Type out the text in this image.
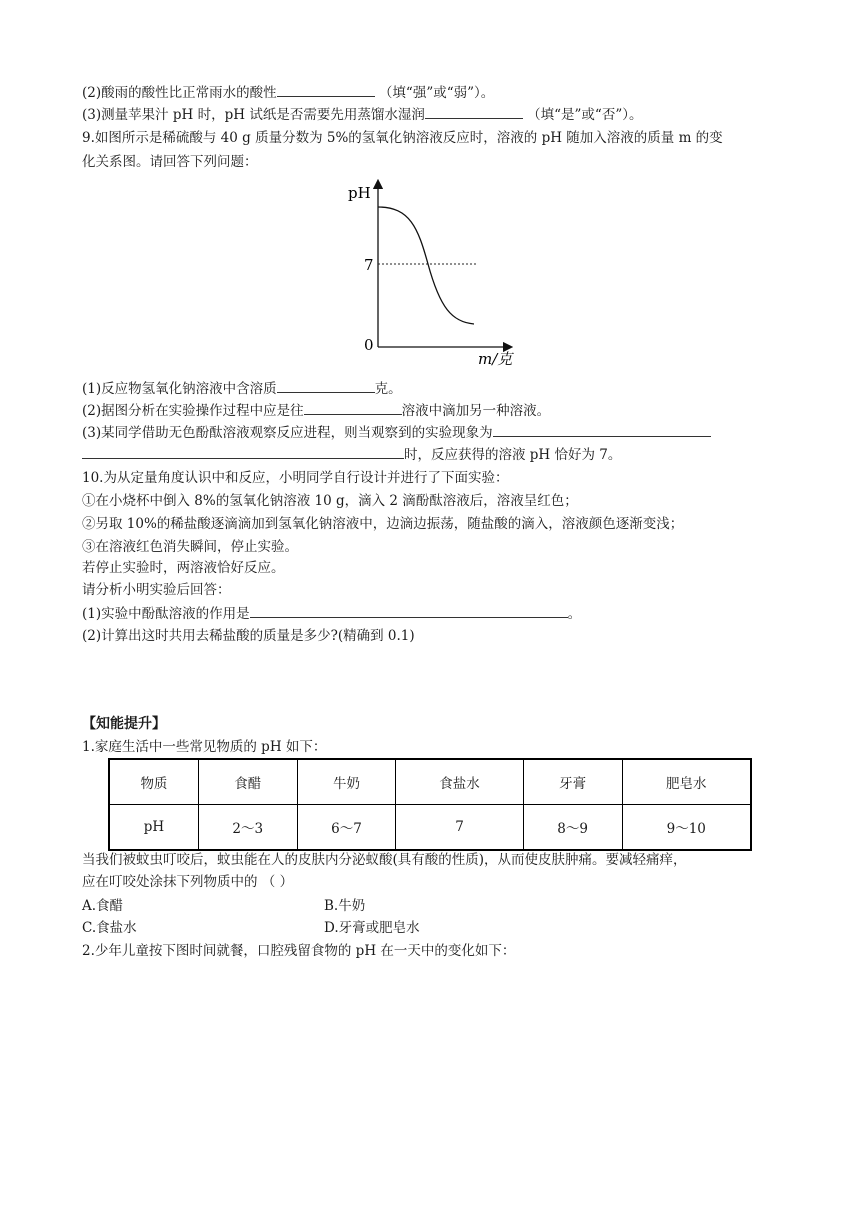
(2)酸雨的酸性比正常雨水的酸性	（填“强”或“弱”）。
(3)测量苹果汁 pH 时，pH 试纸是否需要先用蒸馏水湿润	（填“是”或“否”）。
9.如图所示是稀硫酸与 40 g 质量分数为 5%的氢氧化钠溶液反应时，溶液的 pH 随加入溶液的质量 m 的变
化关系图。请回答下列问题：
pH
7
0
m/克
(1)反应物氢氧化钠溶液中含溶质	克。
(2)据图分析在实验操作过程中应是往	溶液中滴加另一种溶液。
(3)某同学借助无色酚酞溶液观察反应进程，则当观察到的实验现象为
时，反应获得的溶液 pH 恰好为 7。
10.为从定量角度认识中和反应，小明同学自行设计并进行了下面实验：
①在小烧杯中倒入 8%的氢氧化钠溶液 10 g，滴入 2 滴酚酞溶液后，溶液呈红色；
②另取 10%的稀盐酸逐滴滴加到氢氧化钠溶液中，边滴边振荡，随盐酸的滴入，溶液颜色逐渐变浅；
③在溶液红色消失瞬间，停止实验。
若停止实验时，两溶液恰好反应。
请分析小明实验后回答：
(1)实验中酚酞溶液的作用是	。
(2)计算出这时共用去稀盐酸的质量是多少?(精确到 0.1)
【知能提升】
1.家庭生活中一些常见物质的 pH 如下：
物质	食醋	牛奶	食盐水	牙膏	肥皂水
pH	2～3	6～7	7	8～9	9～10
当我们被蚊虫叮咬后，蚊虫能在人的皮肤内分泌蚁酸(具有酸的性质)，从而使皮肤肿痛。要减轻痛痒，
应在叮咬处涂抹下列物质中的 （ ）
A.食醋	B.牛奶
C.食盐水	D.牙膏或肥皂水
2.少年儿童按下图时间就餐，口腔残留食物的 pH 在一天中的变化如下：
